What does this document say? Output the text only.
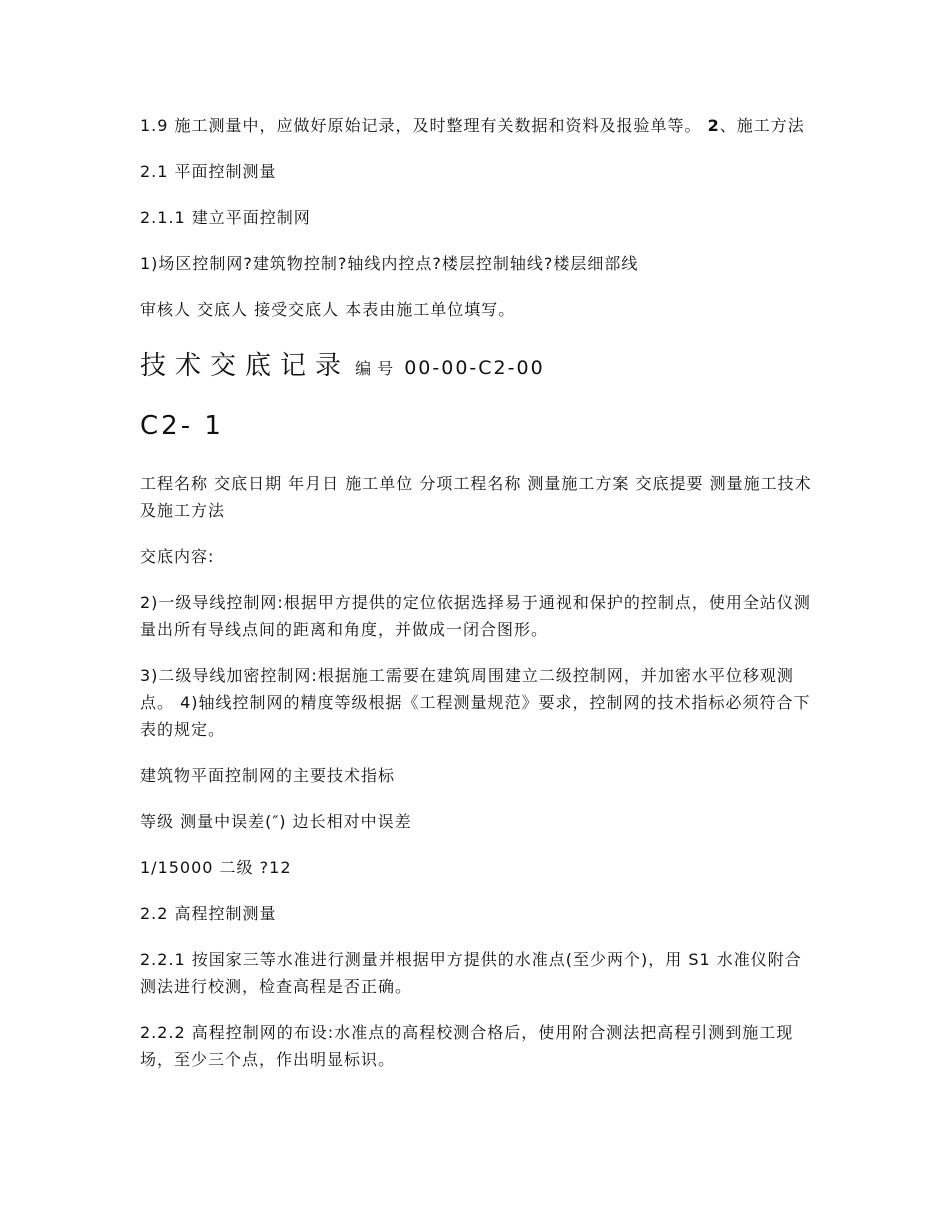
1.9 施工测量中，应做好原始记录，及时整理有关数据和资料及报验单等。 2、施工方法

2.1 平面控制测量

2.1.1 建立平面控制网

1)场区控制网?建筑物控制?轴线内控点?楼层控制轴线?楼层细部线

审核人 交底人 接受交底人 本表由施工单位填写。

技术交底记录 编号 00-00-C2-00
C2- 1

工程名称 交底日期 年月日 施工单位 分项工程名称 测量施工方案 交底提要 测量施工技术及施工方法

交底内容:

2)一级导线控制网:根据甲方提供的定位依据选择易于通视和保护的控制点，使用全站仪测量出所有导线点间的距离和角度，并做成一闭合图形。

3)二级导线加密控制网:根据施工需要在建筑周围建立二级控制网，并加密水平位移观测点。 4)轴线控制网的精度等级根据《工程测量规范》要求，控制网的技术指标必须符合下表的规定。

建筑物平面控制网的主要技术指标

等级 测量中误差(″) 边长相对中误差

1/15000 二级 ?12

2.2 高程控制测量

2.2.1 按国家三等水准进行测量并根据甲方提供的水准点(至少两个)，用 S1 水准仪附合测法进行校测，检查高程是否正确。

2.2.2 高程控制网的布设:水准点的高程校测合格后，使用附合测法把高程引测到施工现场，至少三个点，作出明显标识。
